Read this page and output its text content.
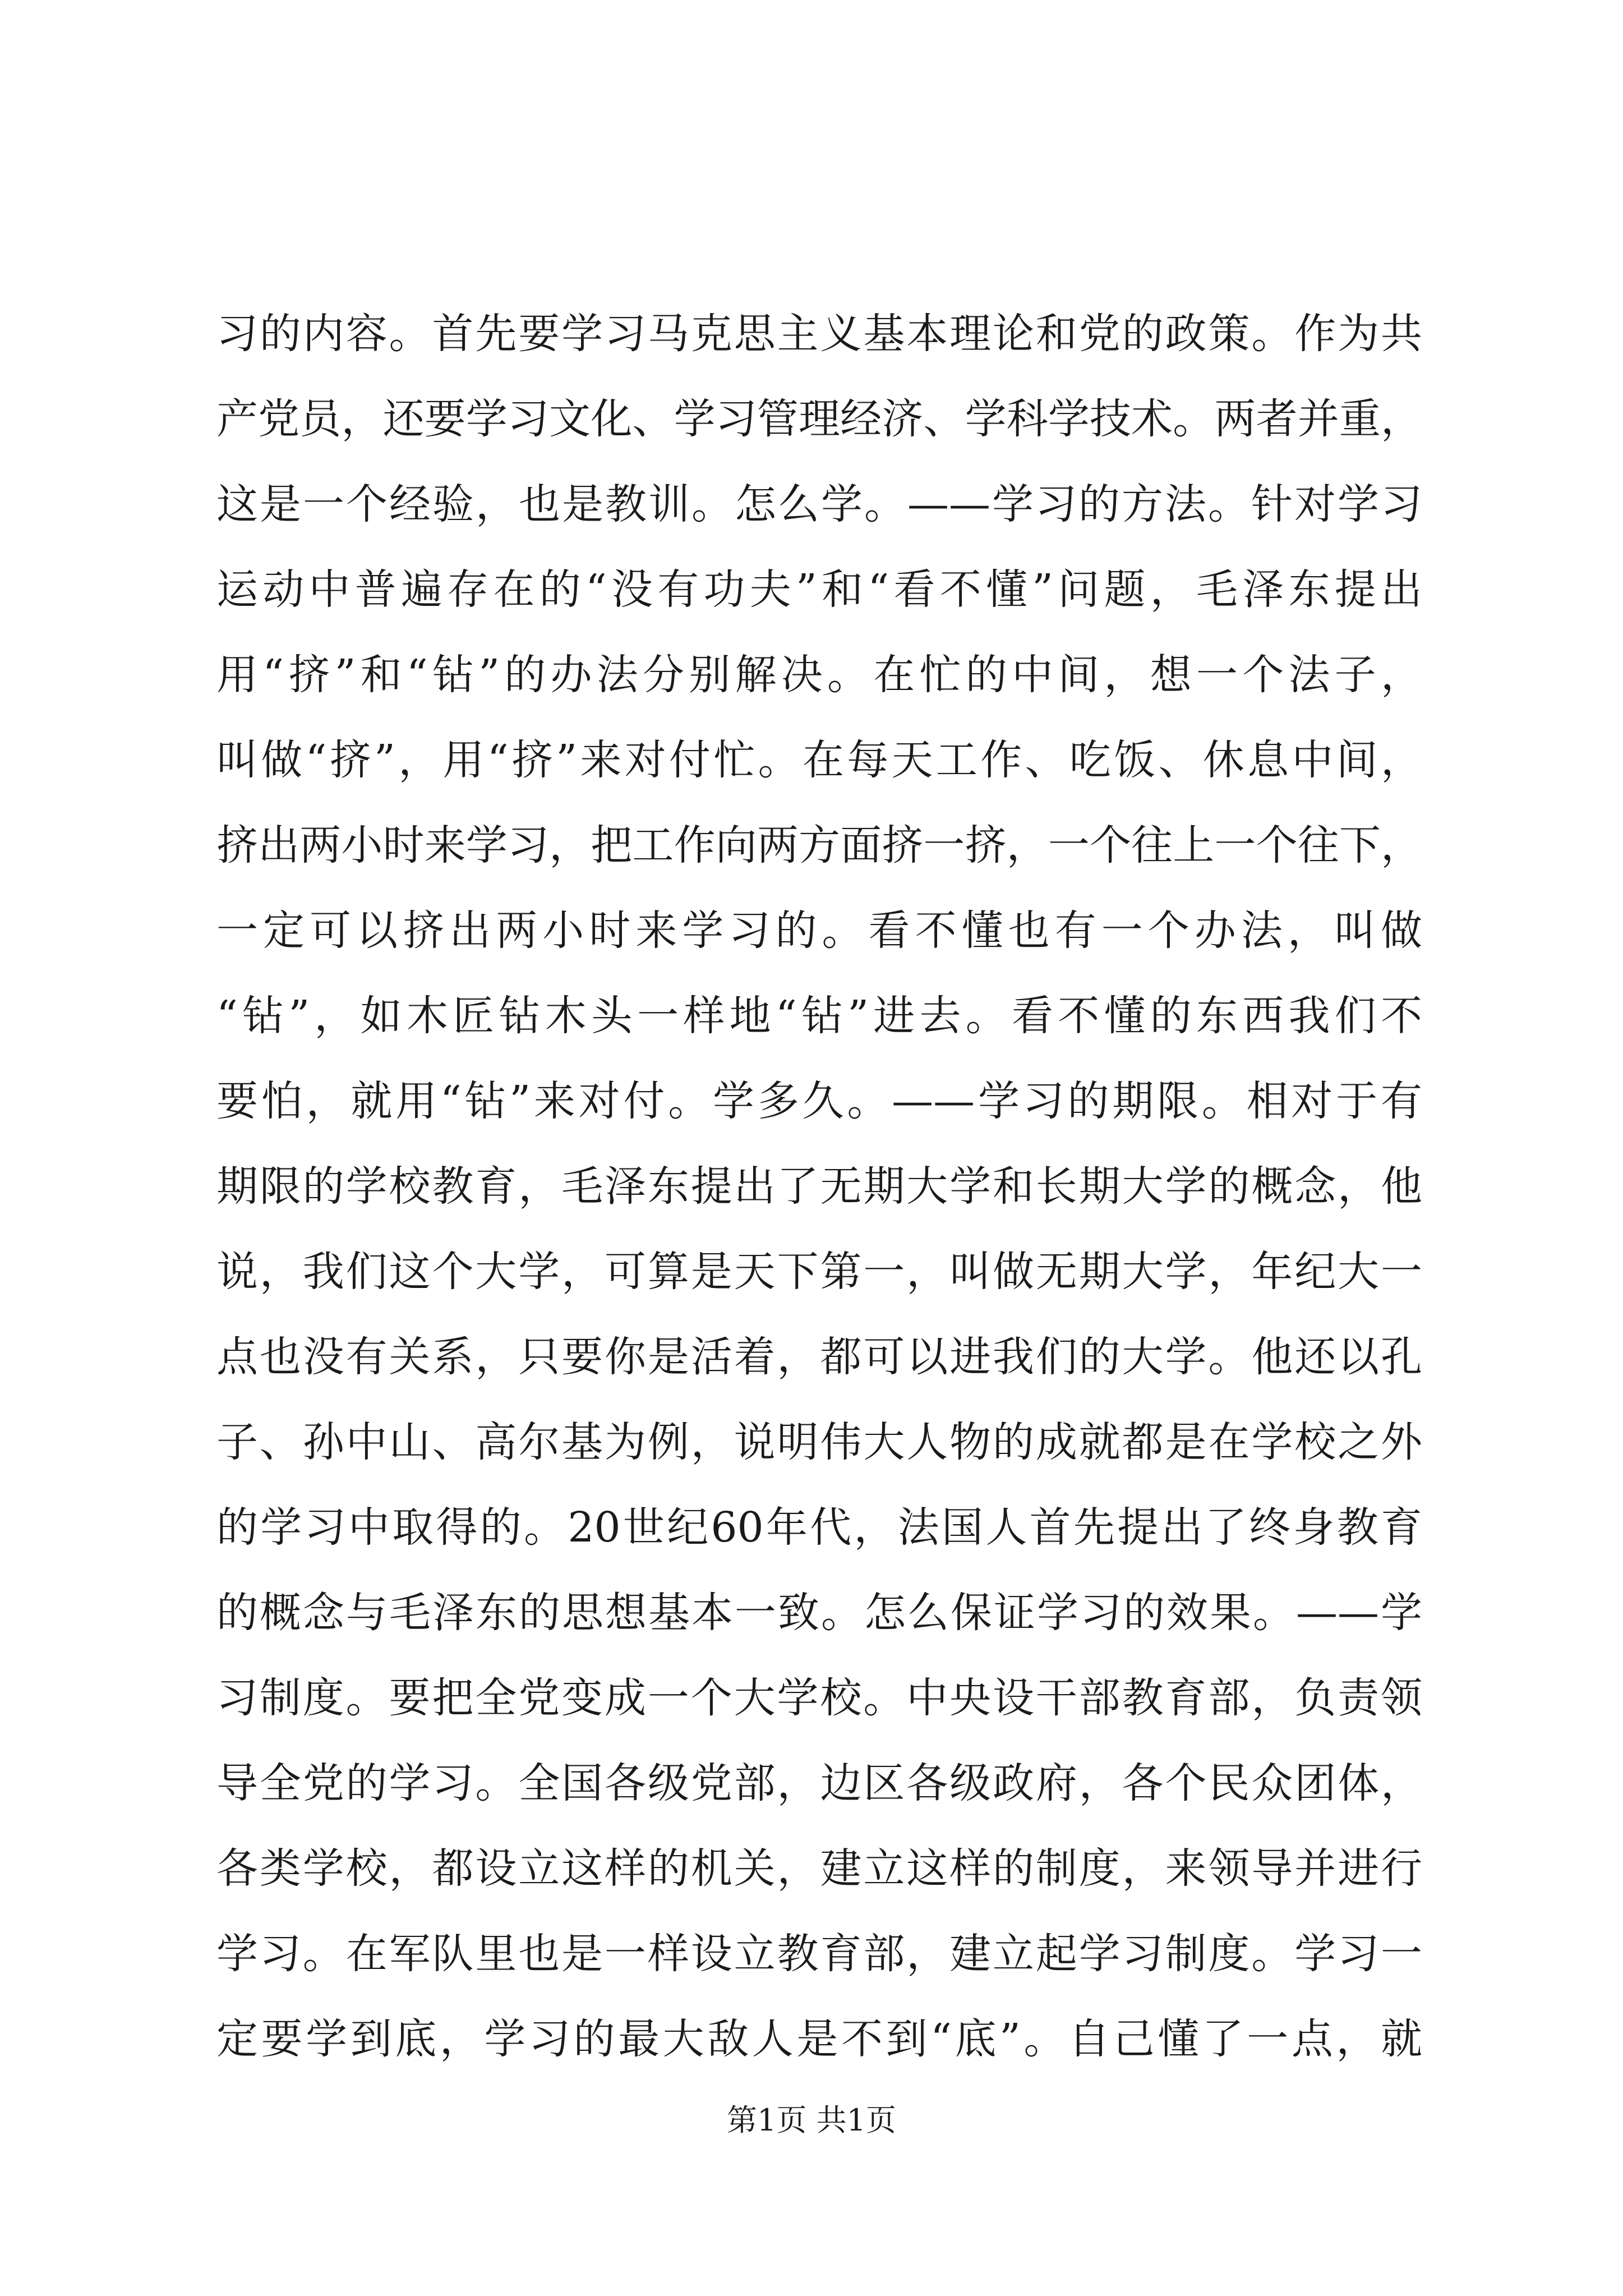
习的内容。首先要学习马克思主义基本理论和党的政策。作为共
产党员，还要学习文化、学习管理经济、学科学技术。两者并重，
这是一个经验，也是教训。怎么学。——学习的方法。针对学习
运动中普遍存在的“没有功夫”和“看不懂”问题，毛泽东提出
用“挤”和“钻”的办法分别解决。在忙的中间，想一个法子，
叫做“挤”，用“挤”来对付忙。在每天工作、吃饭、休息中间，
挤出两小时来学习，把工作向两方面挤一挤，一个往上一个往下，
一定可以挤出两小时来学习的。看不懂也有一个办法，叫做
“钻”，如木匠钻木头一样地“钻”进去。看不懂的东西我们不
要怕，就用“钻”来对付。学多久。——学习的期限。相对于有
期限的学校教育，毛泽东提出了无期大学和长期大学的概念，他
说，我们这个大学，可算是天下第一，叫做无期大学，年纪大一
点也没有关系，只要你是活着，都可以进我们的大学。他还以孔
子、孙中山、高尔基为例，说明伟大人物的成就都是在学校之外
的学习中取得的。20世纪60年代，法国人首先提出了终身教育
的概念与毛泽东的思想基本一致。怎么保证学习的效果。——学
习制度。要把全党变成一个大学校。中央设干部教育部，负责领
导全党的学习。全国各级党部，边区各级政府，各个民众团体，
各类学校，都设立这样的机关，建立这样的制度，来领导并进行
学习。在军队里也是一样设立教育部，建立起学习制度。学习一
定要学到底，学习的最大敌人是不到“底”。自己懂了一点，就
第1页 共1页
